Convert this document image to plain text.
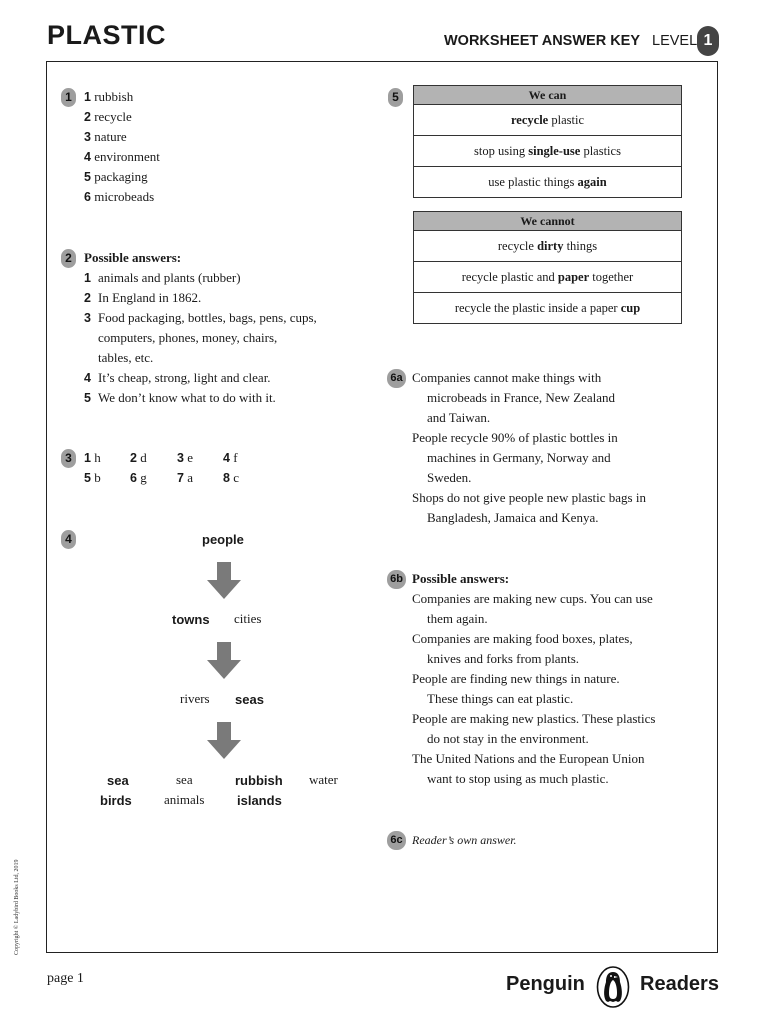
PLASTIC	WORKSHEET ANSWER KEY LEVEL 1
1 1 rubbish
2 recycle
3 nature
4 environment
5 packaging
6 microbeads
2 Possible answers:
1 animals and plants (rubber)
2 In England in 1862.
3 Food packaging, bottles, bags, pens, cups,
computers, phones, money, chairs,
tables, etc.
4 It’s cheap, strong, light and clear.
5 We don’t know what to do with it.
3 1 h 2 d 3 e 4 f
5 b 6 g 7 a 8 c
4	people
towns cities
rivers seas
sea	sea	rubbish water
birds animals	islands
5	We can
recycle plastic
stop using single-use plastics
use plastic things again
We cannot
recycle dirty things
recycle plastic and paper together
recycle the plastic inside a paper cup
6a Companies cannot make things with
microbeads in France, New Zealand
and Taiwan.
People recycle 90% of plastic bottles in
machines in Germany, Norway and
Sweden.
Shops do not give people new plastic bags in
Bangladesh, Jamaica and Kenya.
6b Possible answers:
Companies are making new cups. You can use
them again.
Companies are making food boxes, plates,
knives and forks from plants.
People are finding new things in nature.
These things can eat plastic.
People are making new plastics. These plastics
do not stay in the environment.
The United Nations and the European Union
want to stop using as much plastic.
6c Reader’s own answer.
Copyright © Ladybird Books Ltd, 2019
page 1	Penguin	Readers
